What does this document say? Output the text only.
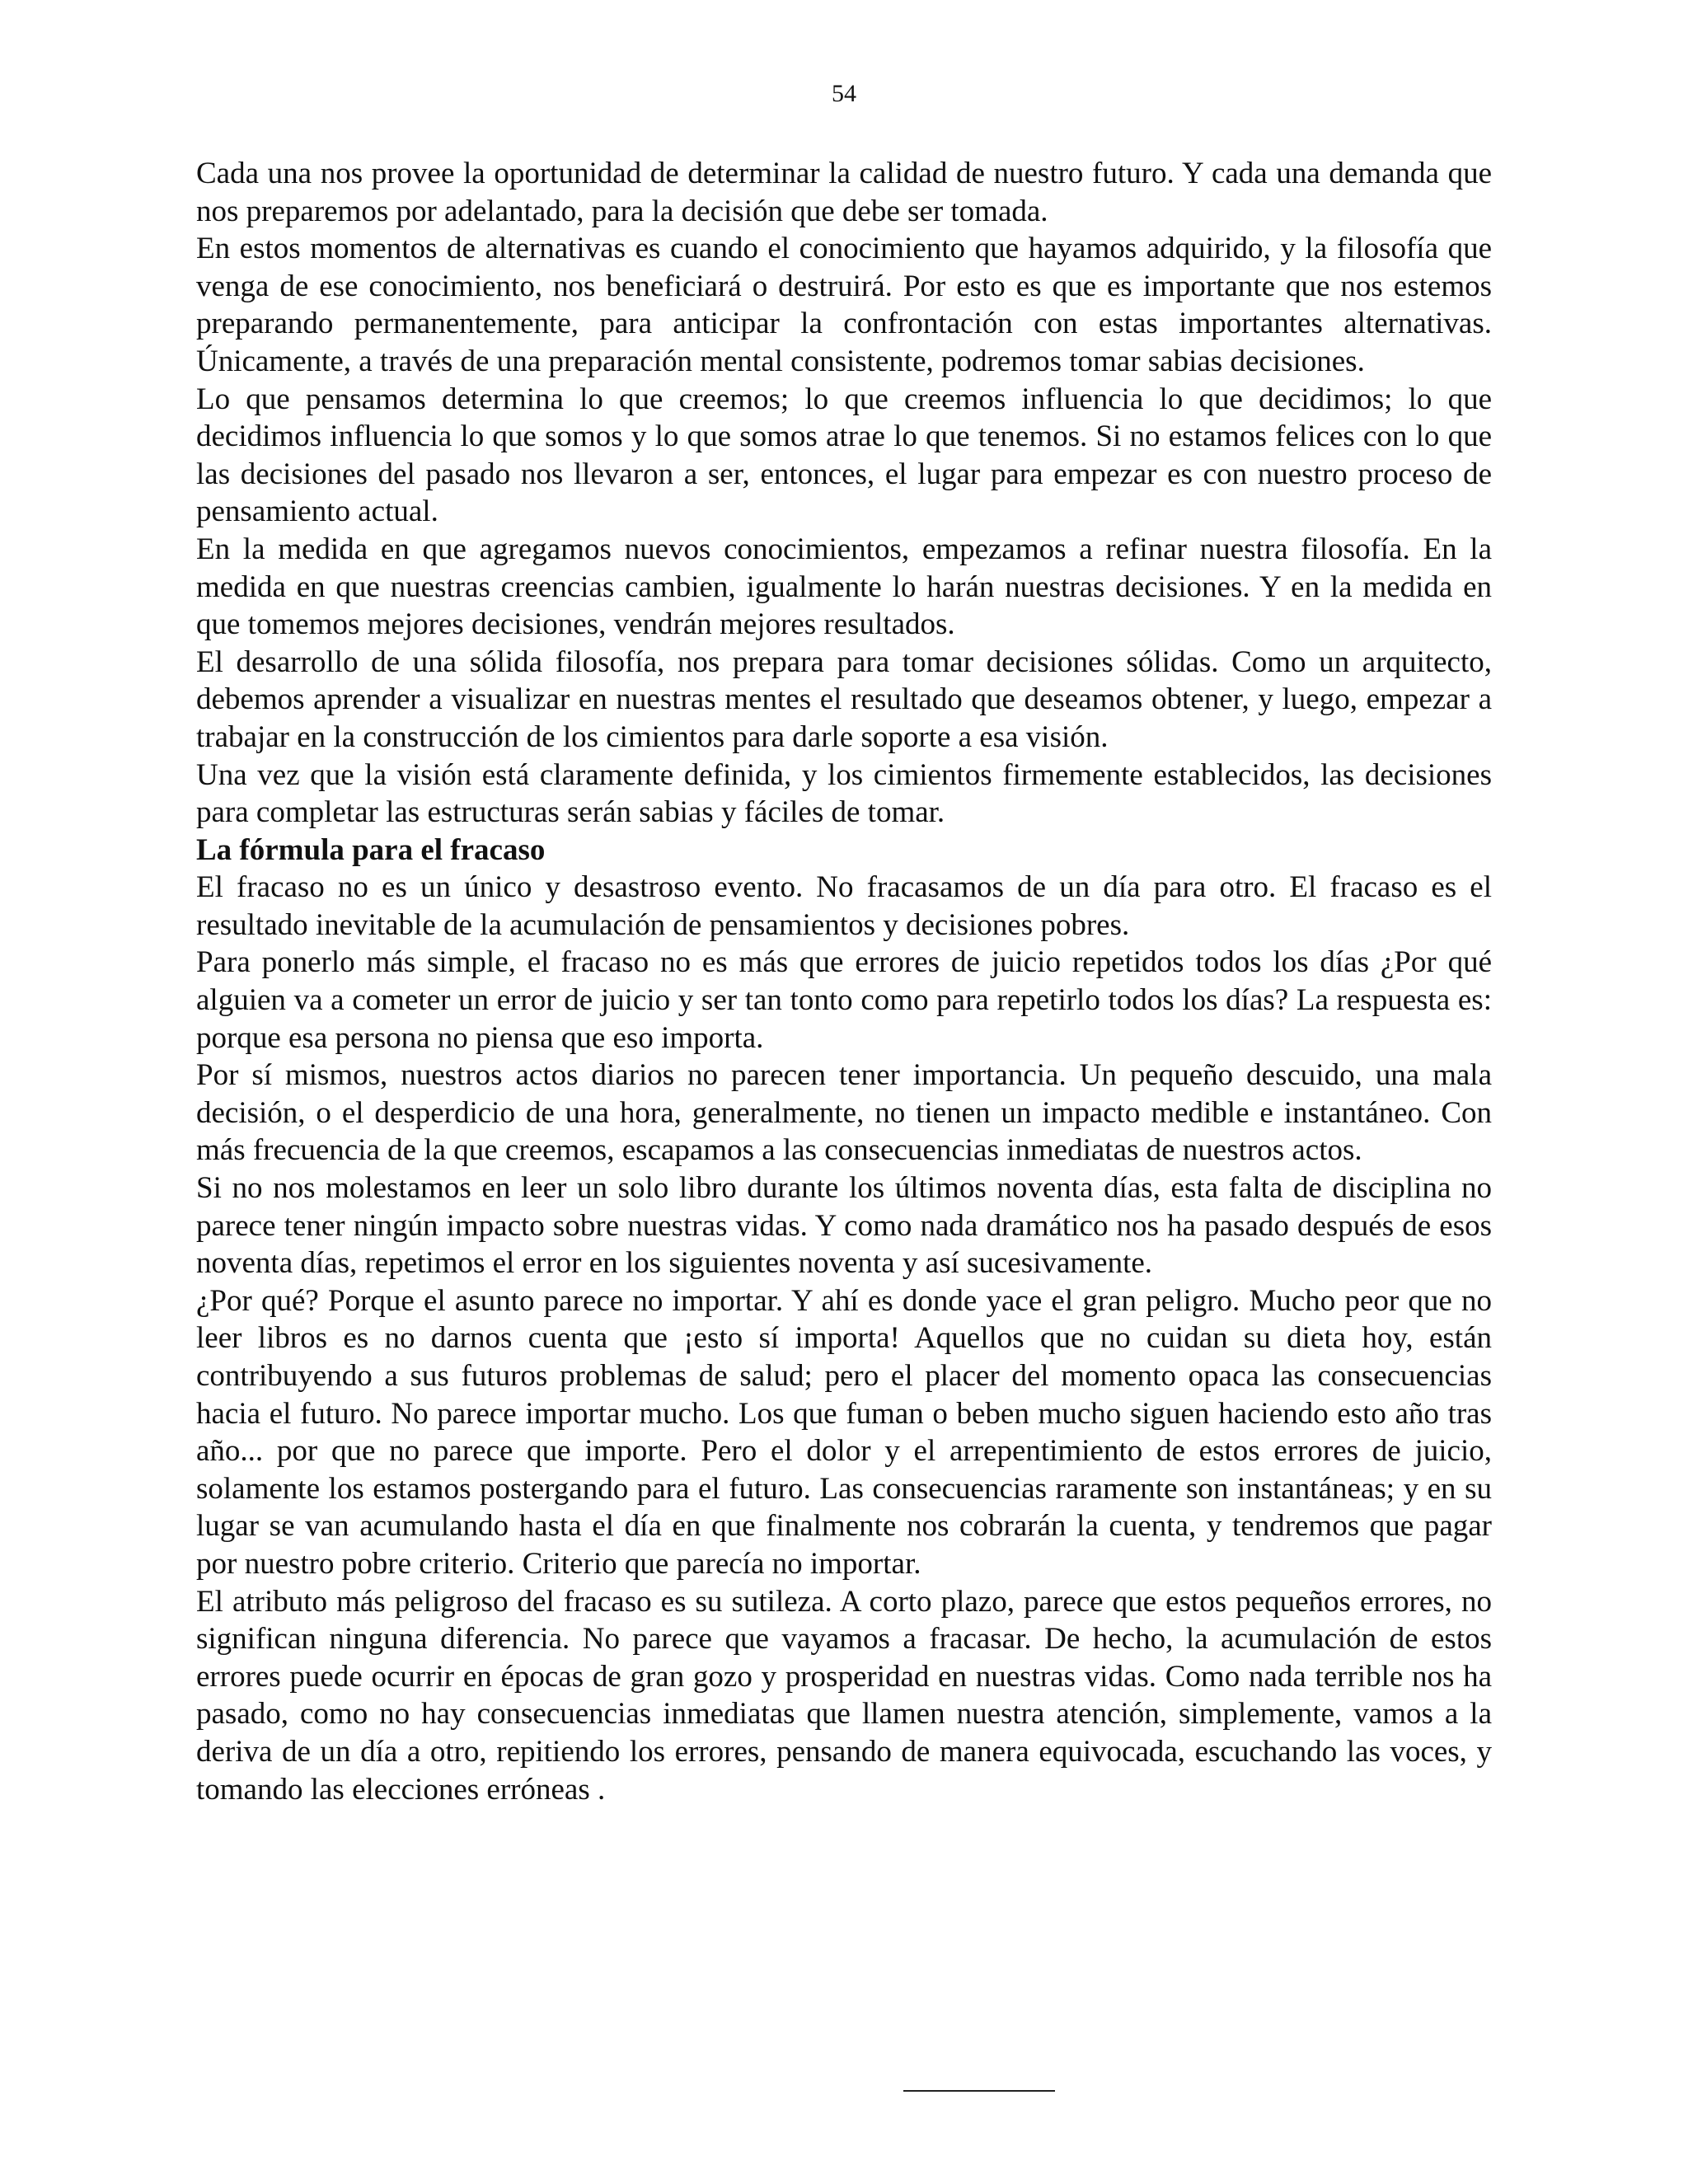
54

Cada una nos provee la oportunidad de determinar la calidad de nuestro futuro. Y cada una demanda que nos preparemos por adelantado, para la decisión que debe ser tomada.

En estos momentos de alternativas es cuando el conocimiento que hayamos adquirido, y la filosofía que venga de ese conocimiento, nos beneficiará o destruirá. Por esto es que es importante que nos estemos preparando permanentemente, para anticipar la confrontación con estas importantes alternativas. Únicamente, a través de una preparación mental consistente, podremos tomar sabias decisiones.

Lo que pensamos determina lo que creemos; lo que creemos influencia lo que decidimos; lo que decidimos influencia lo que somos y lo que somos atrae lo que tenemos. Si no estamos felices con lo que las decisiones del pasado nos llevaron a ser, entonces, el lugar para empezar es con nuestro proceso de pensamiento actual.

En la medida en que agregamos nuevos conocimientos, empezamos a refinar nuestra filosofía. En la medida en que nuestras creencias cambien, igualmente lo harán nuestras decisiones. Y en la medida en que tomemos mejores decisiones, vendrán mejores resultados.

El desarrollo de una sólida filosofía, nos prepara para tomar decisiones sólidas. Como un arquitecto, debemos aprender a visualizar en nuestras mentes el resultado que deseamos obtener, y luego, empezar a trabajar en la construcción de los cimientos para darle soporte a esa visión.

Una vez que la visión está claramente definida, y los cimientos firmemente establecidos, las decisiones para completar las estructuras serán sabias y fáciles de tomar.

La fórmula para el fracaso

El fracaso no es un único y desastroso evento. No fracasamos de un día para otro. El fracaso es el resultado inevitable de la acumulación de pensamientos y decisiones pobres.

Para ponerlo más simple, el fracaso no es más que errores de juicio repetidos todos los días ¿Por qué alguien va a cometer un error de juicio y ser tan tonto como para repetirlo todos los días? La respuesta es: porque esa persona no piensa que eso importa.

Por sí mismos, nuestros actos diarios no parecen tener importancia. Un pequeño descuido, una mala decisión, o el desperdicio de una hora, generalmente, no tienen un impacto medible e instantáneo. Con más frecuencia de la que creemos, escapamos a las consecuencias inmediatas de nuestros actos.

Si no nos molestamos en leer un solo libro durante los últimos noventa días, esta falta de disciplina no parece tener ningún impacto sobre nuestras vidas. Y como nada dramático nos ha pasado después de esos noventa días, repetimos el error en los siguientes noventa y así sucesivamente.

¿Por qué? Porque el asunto parece no importar. Y ahí es donde yace el gran peligro. Mucho peor que no leer libros es no darnos cuenta que ¡esto sí importa! Aquellos que no cuidan su dieta hoy, están contribuyendo a sus futuros problemas de salud; pero el placer del momento opaca las consecuencias hacia el futuro. No parece importar mucho. Los que fuman o beben mucho siguen haciendo esto año tras año... por que no parece que importe. Pero el dolor y el arrepentimiento de estos errores de juicio, solamente los estamos postergando para el futuro. Las consecuencias raramente son instantáneas; y en su lugar se van acumulando hasta el día en que finalmente nos cobrarán la cuenta, y tendremos que pagar por nuestro pobre criterio. Criterio que parecía no importar.

El atributo más peligroso del fracaso es su sutileza. A corto plazo, parece que estos pequeños errores, no significan ninguna diferencia. No parece que vayamos a fracasar. De hecho, la acumulación de estos errores puede ocurrir en épocas de gran gozo y prosperidad en nuestras vidas. Como nada terrible nos ha pasado, como no hay consecuencias inmediatas que llamen nuestra atención, simplemente, vamos a la deriva de un día a otro, repitiendo los errores, pensando de manera equivocada, escuchando las voces, y tomando las elecciones erróneas .
